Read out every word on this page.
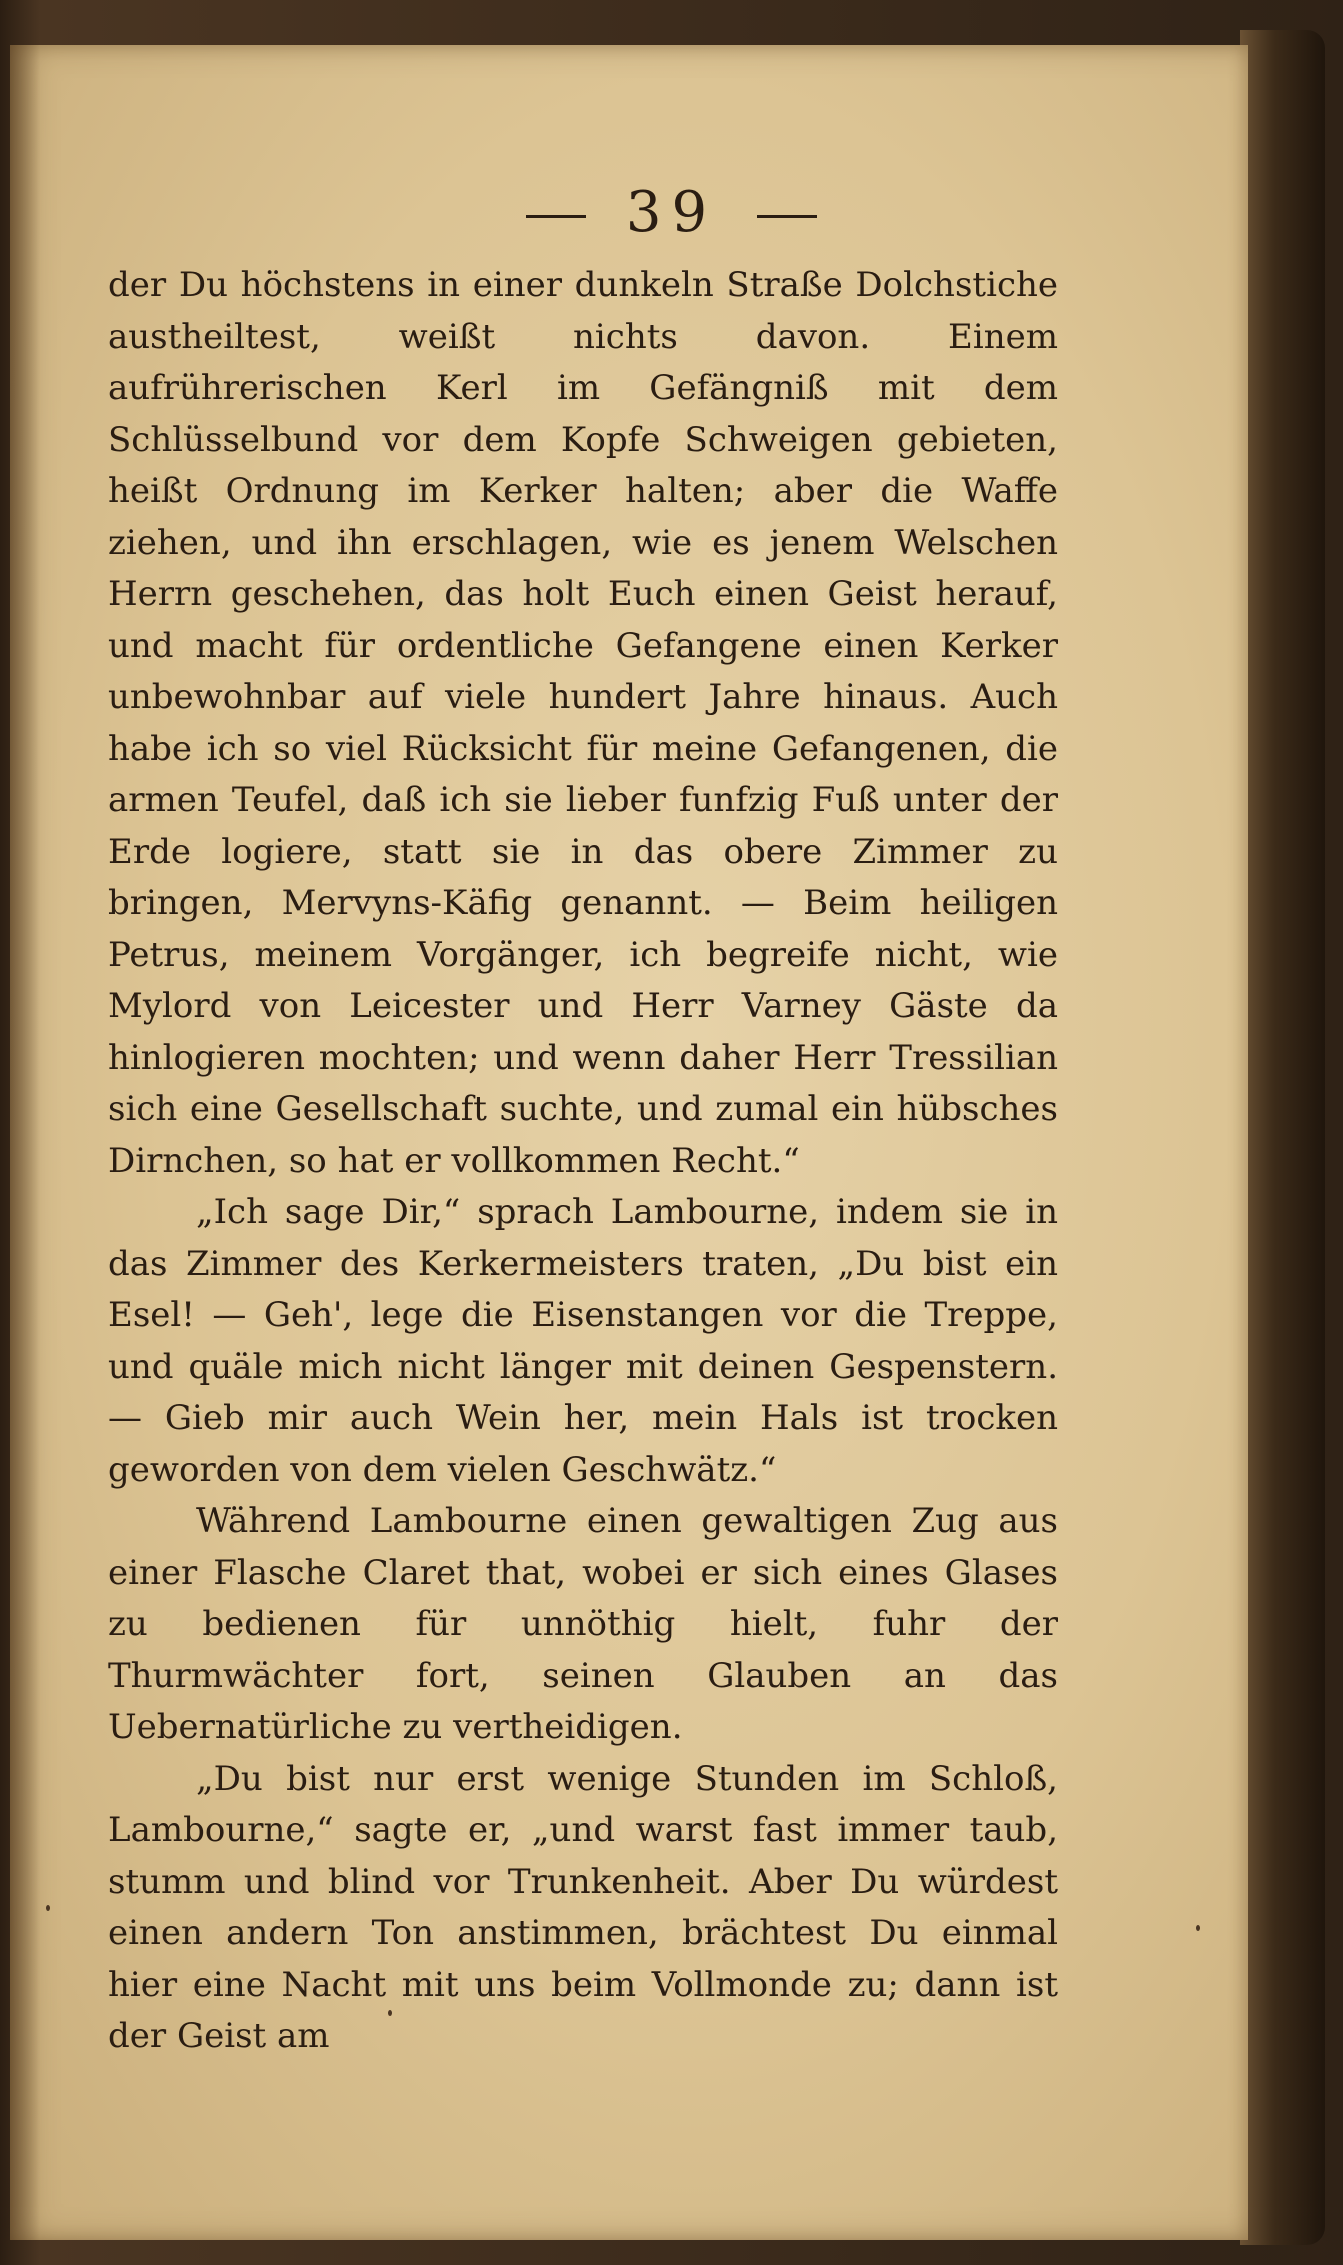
39

der Du höchstens in einer dunkeln Straße Dolchstiche austheiltest, weißt nichts davon. Einem aufrührerischen Kerl im Gefängniß mit dem Schlüsselbund vor dem Kopfe Schweigen gebieten, heißt Ordnung im Kerker halten; aber die Waffe ziehen, und ihn erschlagen, wie es jenem Welschen Herrn geschehen, das holt Euch einen Geist herauf, und macht für ordentliche Gefangene einen Kerker unbewohnbar auf viele hundert Jahre hinaus. Auch habe ich so viel Rücksicht für meine Gefangenen, die armen Teufel, daß ich sie lieber funfzig Fuß unter der Erde logiere, statt sie in das obere Zimmer zu bringen, Mervyns-Käfig genannt. — Beim heiligen Petrus, meinem Vorgänger, ich begreife nicht, wie Mylord von Leicester und Herr Varney Gäste da hinlogieren mochten; und wenn daher Herr Tressilian sich eine Gesellschaft suchte, und zumal ein hübsches Dirnchen, so hat er vollkommen Recht.“

„Ich sage Dir,“ sprach Lambourne, indem sie in das Zimmer des Kerkermeisters traten, „Du bist ein Esel! — Geh', lege die Eisenstangen vor die Treppe, und quäle mich nicht länger mit deinen Gespenstern. — Gieb mir auch Wein her, mein Hals ist trocken geworden von dem vielen Geschwätz.“

Während Lambourne einen gewaltigen Zug aus einer Flasche Claret that, wobei er sich eines Glases zu bedienen für unnöthig hielt, fuhr der Thurmwächter fort, seinen Glauben an das Uebernatürliche zu vertheidigen.

„Du bist nur erst wenige Stunden im Schloß, Lambourne,“ sagte er, „und warst fast immer taub, stumm und blind vor Trunkenheit. Aber Du würdest einen andern Ton anstimmen, brächtest Du einmal hier eine Nacht mit uns beim Vollmonde zu; dann ist der Geist am
